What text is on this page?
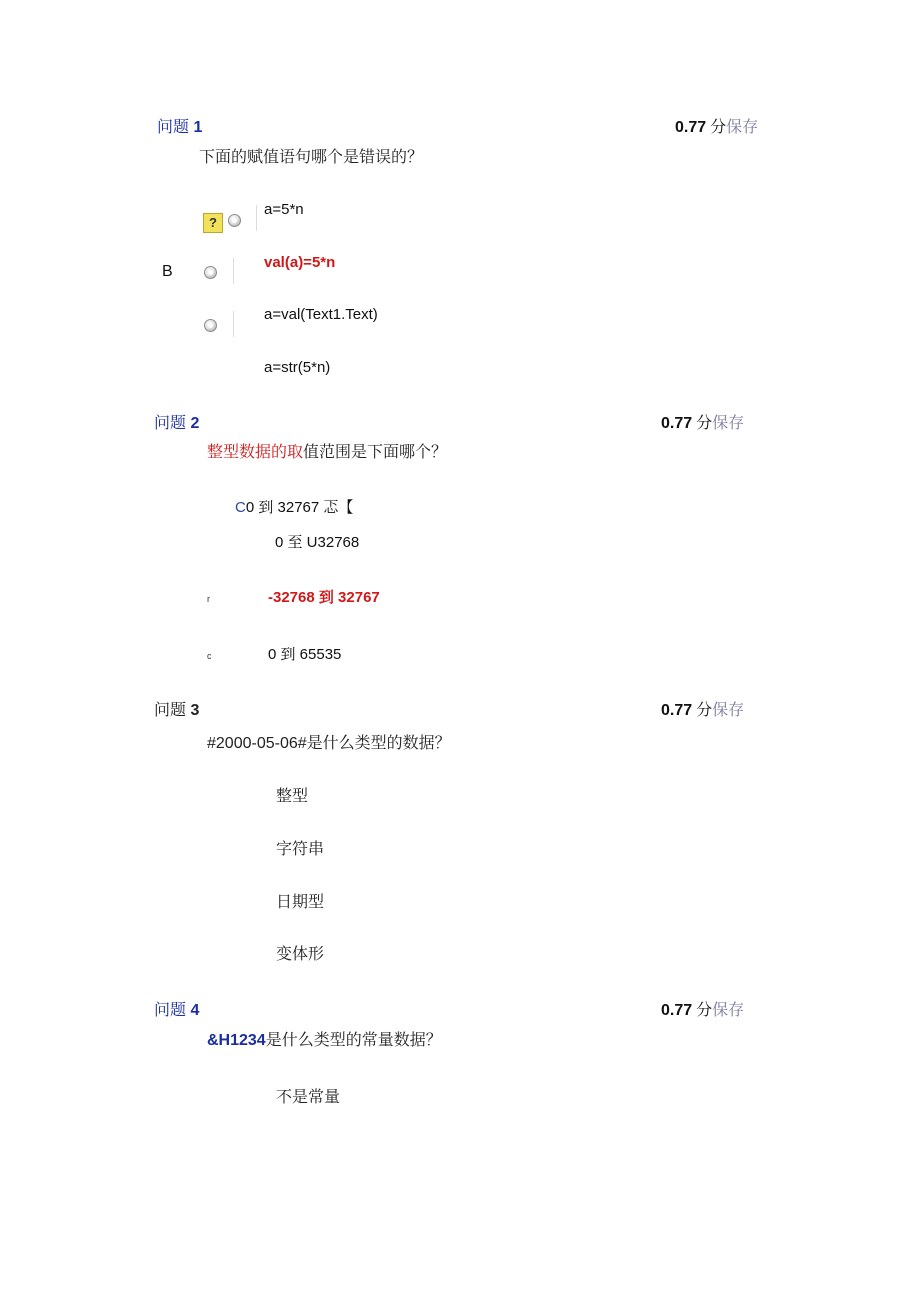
问题 1	0.77 分保存
下面的赋值语句哪个是错误的？
?
a=5*n
B
val(a)=5*n
a=val(Text1.Text)
a=str(5*n)
问题 2	0.77 分保存
整型数据的取值范围是下面哪个？
C0 到 32767 忑【
0 至 U32768
r	-32768 到 32767
c	0 到 65535
问题 3	0.77 分保存
#2000-05-06#是什么类型的数据？
整型
字符串
日期型
变体形
问题 4	0.77 分保存
&H1234是什么类型的常量数据？
不是常量
